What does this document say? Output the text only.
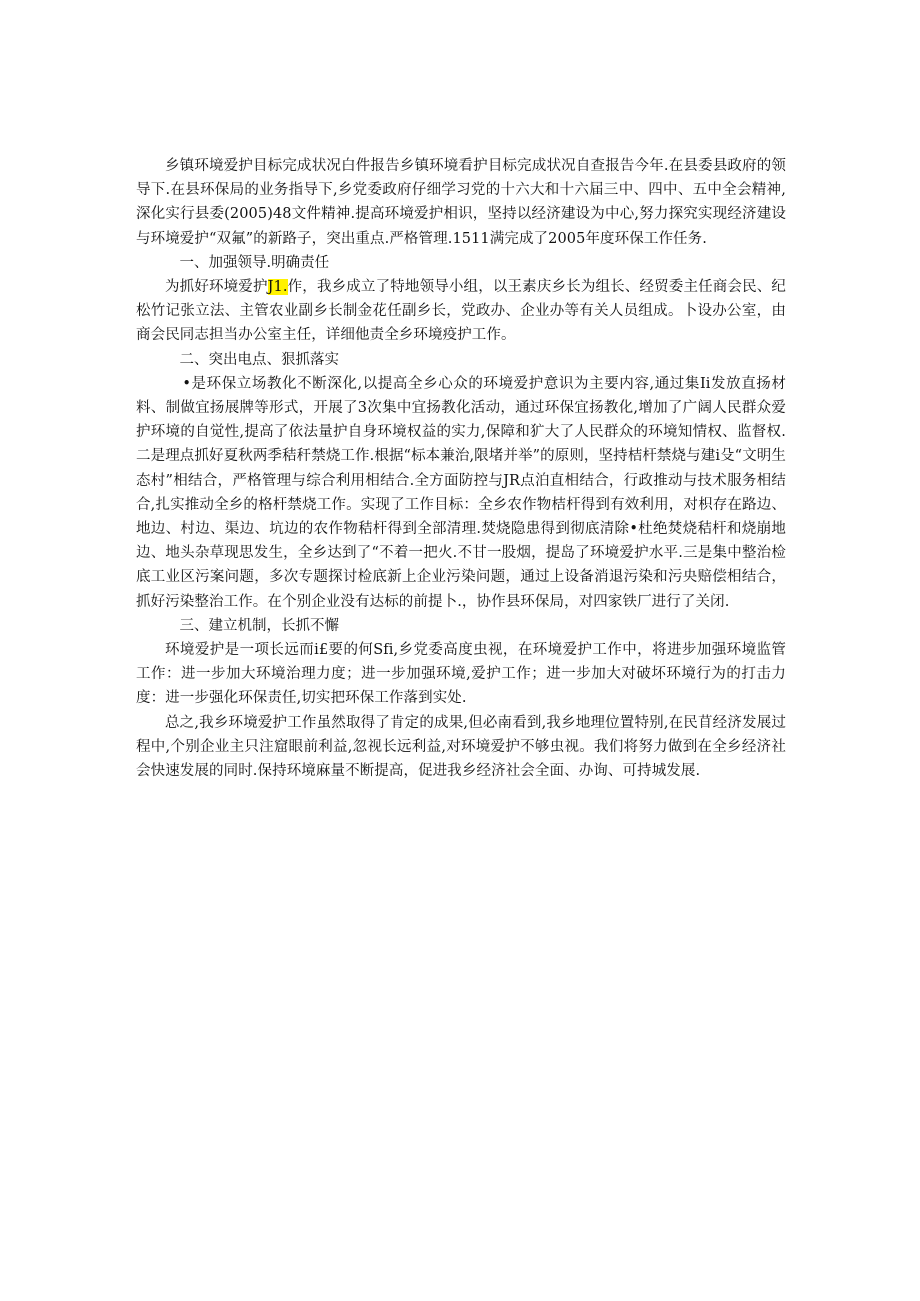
乡镇环境爱护目标完成状况白件报告乡镇环境看护目标完成状况自查报告今年.在县委县政府的领导下.在县环保局的业务指导下,乡党委政府仔细学习党的十六大和十六届三中、四中、五中全会精神,深化实行县委(2005)48文件精神.提高环境爱护相识，坚持以经济建设为中心,努力探究实现经济建设与环境爱护“双氟”的新路子，突出重点.严格管理.1511满完成了2005年度环保工作任务.

一、加强领导.明确责任

为抓好环境爱护J1.作，我乡成立了特地领导小组，以王素庆乡长为组长、经贸委主任商会民、纪松竹记张立法、主管农业副乡长制金花任副乡长，党政办、企业办等有关人员组成。卜设办公室，由商会民同志担当办公室主任，详细他责全乡环境疫护工作。

二、突出电点、狠抓落实

•是环保立场教化不断深化,以提高全乡心众的环境爱护意识为主要内容,通过集Ii发放直扬材料、制做宜扬展牌等形式，开展了3次集中宜扬教化活动，通过环保宜扬教化,增加了广阔人民群众爱护环境的自觉性,提高了依法量护自身环境权益的实力,保障和犷大了人民群众的环境知情权、监督权.二是理点抓好夏秋两季秸秆禁烧工作.根据“标本兼治,限堵并举”的原则，坚持桔杆禁烧与建i殳“文明生态村”相结合，严格管理与综合利用相结合.全方面防控与JR点泊直相结合，行政推动与技术服务相结合,扎实推动全乡的格杆禁烧工作。实现了工作目标：全乡农作物桔杆得到有效利用，对枳存在路边、地边、村边、渠边、坑边的农作物秸杆得到全部清理.焚烧隐患得到彻底清除•杜绝焚烧秸杆和烧崩地边、地头杂草现思发生，全乡达到了“不着一把火.不甘一股烟，提岛了环境爱护水平.三是集中整治检底工业区污案问题，多次专题探讨检底新上企业污染问题，通过上设备消退污染和污央赔偿相结合，抓好污染整治工作。在个别企业没有达标的前提卜.，协作县环保局，对四家铁厂进行了关闭.

三、建立机制，长抓不懈

环境爱护是一项长远而i£要的何Sfi,乡党委高度虫视，在环境爱护工作中，将进步加强环境监管工作：进一步加大环境治理力度；进一步加强环境,爱护工作；进一步加大对破坏环境行为的打击力度：进一步强化环保责任,切实把环保工作落到实处.

总之,我乡环境爱护工作虽然取得了肯定的成果,但必南看到,我乡地理位置特别,在民苜经济发展过程中,个别企业主只注窟眼前利益,忽视长远利益,对环境爱护不够虫视。我们将努力做到在全乡经济社会快速发展的同时.保持环境麻量不断提高，促进我乡经济社会全面、办询、可持城发展.
